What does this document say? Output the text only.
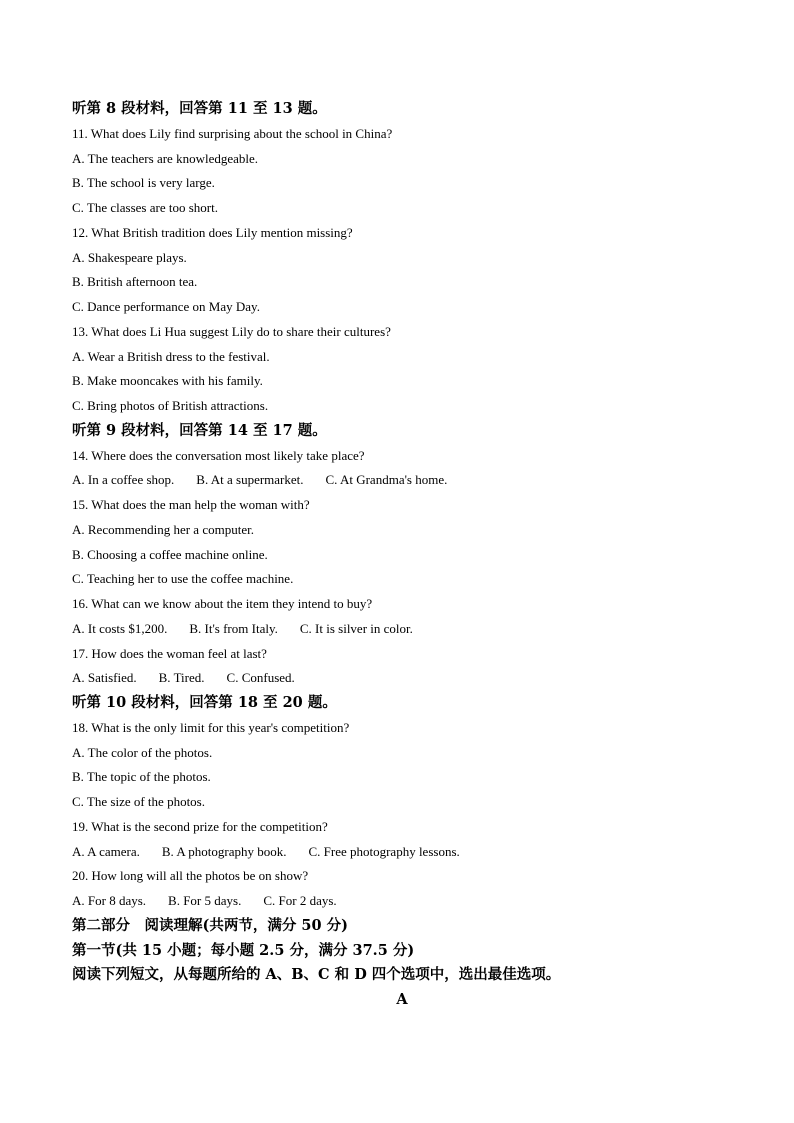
听第 8 段材料，回答第 11 至 13 题。
11. What does Lily find surprising about the school in China?
A. The teachers are knowledgeable.
B. The school is very large.
C. The classes are too short.
12. What British tradition does Lily mention missing?
A. Shakespeare plays.
B. British afternoon tea.
C. Dance performance on May Day.
13. What does Li Hua suggest Lily do to share their cultures?
A. Wear a British dress to the festival.
B. Make mooncakes with his family.
C. Bring photos of British attractions.
听第 9 段材料，回答第 14 至 17 题。
14. Where does the conversation most likely take place?
A. In a coffee shop. B. At a supermarket. C. At Grandma's home.
15. What does the man help the woman with?
A. Recommending her a computer.
B. Choosing a coffee machine online.
C. Teaching her to use the coffee machine.
16. What can we know about the item they intend to buy?
A. It costs $1,200. B. It's from Italy. C. It is silver in color.
17. How does the woman feel at last?
A. Satisfied. B. Tired. C. Confused.
听第 10 段材料，回答第 18 至 20 题。
18. What is the only limit for this year's competition?
A. The color of the photos.
B. The topic of the photos.
C. The size of the photos.
19. What is the second prize for the competition?
A. A camera. B. A photography book. C. Free photography lessons.
20. How long will all the photos be on show?
A. For 8 days. B. For 5 days. C. For 2 days.
第二部分　阅读理解(共两节，满分 50 分)
第一节(共 15 小题；每小题 2.5 分，满分 37.5 分)
阅读下列短文，从每题所给的 A、B、C 和 D 四个选项中，选出最佳选项。
A
